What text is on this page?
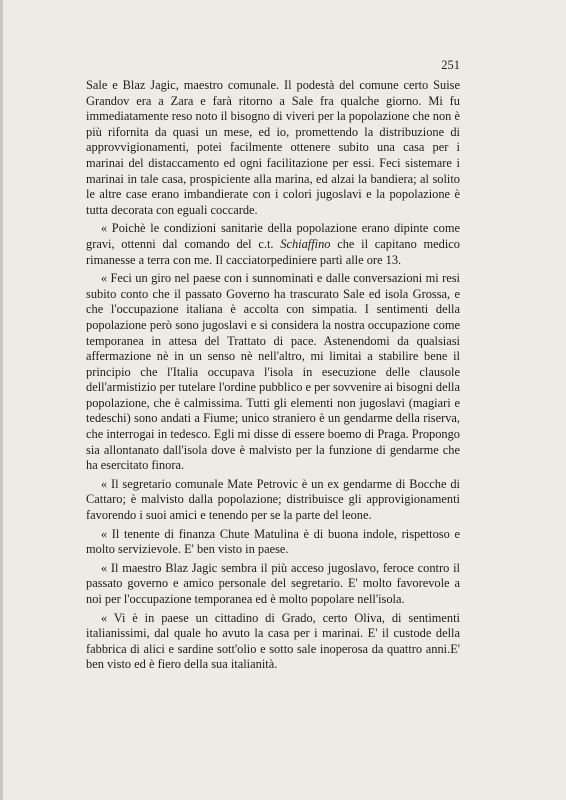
251

Sale e Blaz Jagic, maestro comunale. Il podestà del comune certo Suise Grandov era a Zara e farà ritorno a Sale fra qualche giorno. Mi fu immediatamente reso noto il bisogno di viveri per la popolazione che non è più rifornita da quasi un mese, ed io, promettendo la distribuzione di approvvigionamenti, potei facilmente ottenere subito una casa per i marinai del distaccamento ed ogni facilitazione per essi. Feci sistemare i marinai in tale casa, prospiciente alla marina, ed alzai la bandiera; al solito le altre case erano imbandierate con i colori jugoslavi e la popolazione è tutta decorata con eguali coccarde.

« Poichè le condizioni sanitarie della popolazione erano dipinte come gravi, ottenni dal comando del c.t. Schiaffino che il capitano medico rimanesse a terra con me. Il cacciatorpediniere partì alle ore 13.

« Feci un giro nel paese con i sunnominati e dalle conversazioni mi resi subito conto che il passato Governo ha trascurato Sale ed isola Grossa, e che l'occupazione italiana è accolta con simpatia. I sentimenti della popolazione però sono jugoslavi e si considera la nostra occupazione come temporanea in attesa del Trattato di pace. Astenendomi da qualsiasi affermazione nè in un senso nè nell'altro, mi limitai a stabilire bene il principio che l'Italia occupava l'isola in esecuzione delle clausole dell'armistizio per tutelare l'ordine pubblico e per sovvenire ai bisogni della popolazione, che è calmissima. Tutti gli elementi non jugoslavi (magiari e tedeschi) sono andati a Fiume; unico straniero è un gendarme della riserva, che interrogai in tedesco. Egli mi disse di essere boemo di Praga. Propongo sia allontanato dall'isola dove è malvisto per la funzione di gendarme che ha esercitato finora.

« Il segretario comunale Mate Petrovic è un ex gendarme di Bocche di Cattaro; è malvisto dalla popolazione; distribuisce gli approvigionamenti favorendo i suoi amici e tenendo per se la parte del leone.

« Il tenente di finanza Chute Matulina è di buona indole, rispettoso e molto servizievole. E' ben visto in paese.

« Il maestro Blaz Jagic sembra il più acceso jugoslavo, feroce contro il passato governo e amico personale del segretario. E' molto favorevole a noi per l'occupazione temporanea ed è molto popolare nell'isola.

« Vi è in paese un cittadino di Grado, certo Oliva, di sentimenti italianissimi, dal quale ho avuto la casa per i marinai. E' il custode della fabbrica di alici e sardine sott'olio e sotto sale inoperosa da quattro anni.E' ben visto ed è fiero della sua italianità.
